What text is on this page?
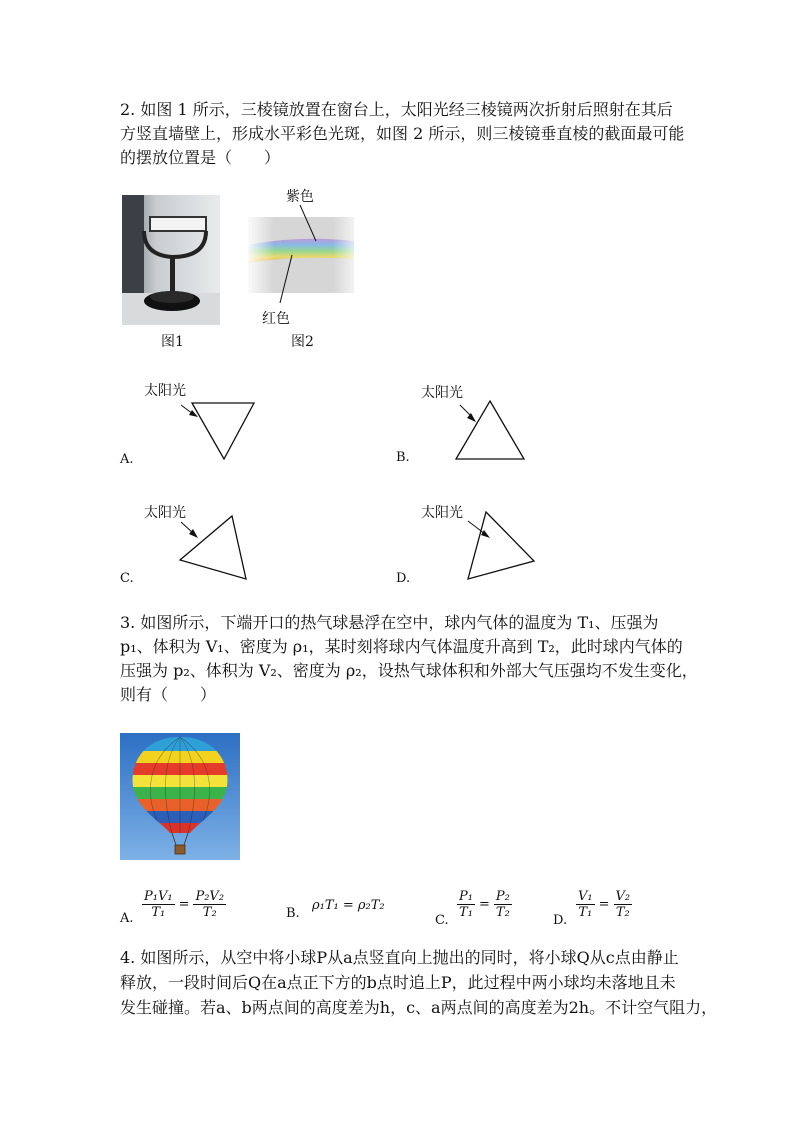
2. 如图 1 所示，三棱镜放置在窗台上，太阳光经三棱镜两次折射后照射在其后
方竖直墙壁上，形成水平彩色光斑，如图 2 所示，则三棱镜垂直棱的截面最可能
的摆放位置是（　　）
图1
紫色
红色
图2
太阳光
A.
太阳光
B.
太阳光
C.
太阳光
D.
3. 如图所示，下端开口的热气球悬浮在空中，球内气体的温度为 T₁、压强为
p₁、体积为 V₁、密度为 ρ₁，某时刻将球内气体温度升高到 T₂，此时球内气体的
压强为 p₂、体积为 V₂、密度为 ρ₂，设热气球体积和外部大气压强均不发生变化，
则有（　　）
A. $\frac{\text{P₁V₁}}{\text{T₁}} = \frac{\text{P₂V₂}}{\text{T₂}}$	B.
ρ₁T₁ = ρ₂T₂
C.
$\frac{\text{P₁}}{\text{T₁}} = \frac{\text{P₂}}{\text{T₂}}$
D.
$\frac{\text{V₁}}{\text{T₁}} = \frac{\text{V₂}}{\text{T₂}}$
4. 如图所示，从空中将小球P从a点竖直向上抛出的同时，将小球Q从c点由静止
释放，一段时间后Q在a点正下方的b点时追上P，此过程中两小球均未落地且未
发生碰撞。若a、b两点间的高度差为h，c、a两点间的高度差为2h。不计空气阻力，
